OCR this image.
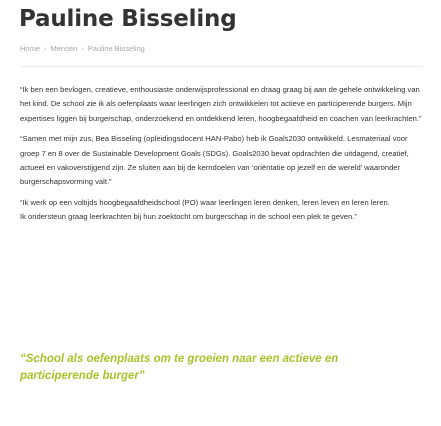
Pauline Bisseling
Home › Mensen › Pauline Bisseling

“Ik ben een bevlogen, creatieve, enthousiaste onderwijsprofessional en draag graag bij aan de gehele ontwikkeling van het kind. De school zie ik als oefenplaats waar leerlingen zich ontwikkelen tot actieve en participerende burgers. Mijn expertises liggen bij burgerschap, onderzoekend en ontdekkend leren, hoogbegaafdheid en coachen van leerkrachten.”

“Samen met mijn zus, Bea Bisseling (opleidingsdocent HAN-Pabo) heb ik Goals2030 ontwikkeld. Lesmateriaal voor groep 7 en 8 over de Sustainable Development Goals (SDGs). Goals2030 bevat opdrachten die uitdagend, creatief, actueel en vakoverstijgend zijn. Ze sluiten aan bij de kerndoelen van ‘oriëntatie op jezelf en de wereld’ waaronder burgerschapsvorming valt.”

“Ik werk op een voltijds hoogbegaafdheidschool (PO) waar leerlingen leren denken, leren leven en leren leren.

Ik ondersteun graag leerkrachten bij hun zoektocht om burgerschap in de school een plek te geven.”

“School als oefenplaats om te groeien naar een actieve en participerende burger”
